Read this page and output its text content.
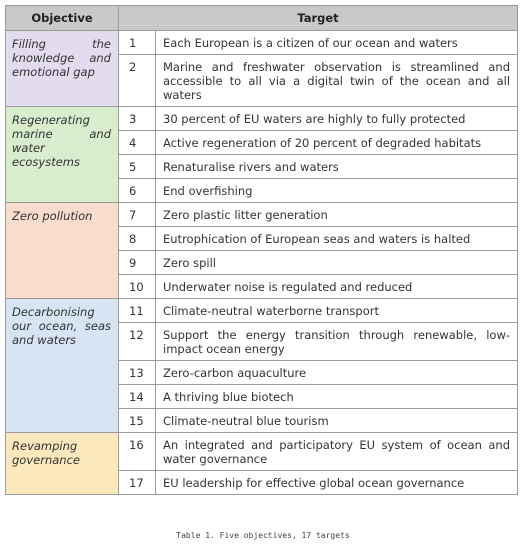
Objective	Target	
Filling the knowledge and emotional gap	1	Each European is a citizen of our ocean and waters
	2	Marine and freshwater observation is streamlined and accessible to all via a digital twin of the ocean and all waters
Regenerating marine and water ecosystems	3	30 percent of EU waters are highly to fully protected
	4	Active regeneration of 20 percent of degraded habitats
	5	Renaturalise rivers and waters
	6	End overfishing
Zero pollution	7	Zero plastic litter generation
	8	Eutrophication of European seas and waters is halted
	9	Zero spill
	10	Underwater noise is regulated and reduced
Decarbonising our ocean, seas and waters	11	Climate-neutral waterborne transport
	12	Support the energy transition through renewable, low-impact ocean energy
	13	Zero-carbon aquaculture
	14	A thriving blue biotech
	15	Climate-neutral blue tourism
Revamping governance	16	An integrated and participatory EU system of ocean and water governance
	17	EU leadership for effective global ocean governance
Table 1. Five objectives, 17 targets
